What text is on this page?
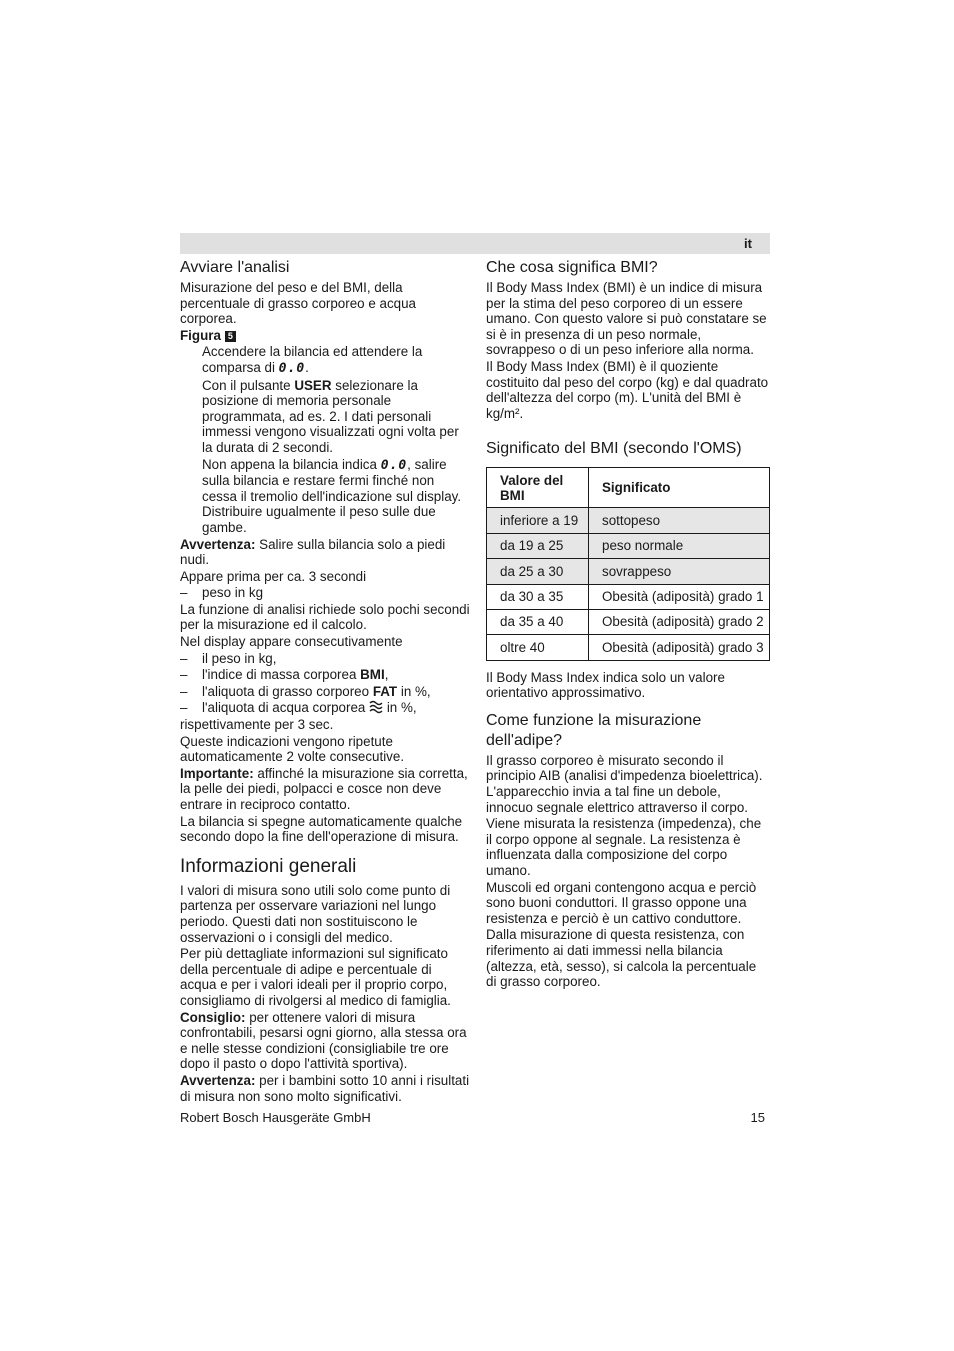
it
Avviare l'analisi

Misurazione del peso e del BMI, della percentuale di grasso corporeo e acqua corporea.

Figura 5

Accendere la bilancia ed attendere la comparsa di 0.0.

Con il pulsante USER selezionare la posizione di memoria personale programmata, ad es. 2. I dati personali immessi vengono visualizzati ogni volta per la durata di 2 secondi.

Non appena la bilancia indica 0.0, salire sulla bilancia e restare fermi finché non cessa il tremolio dell'indicazione sul display. Distribuire ugualmente il peso sulle due gambe.

Avvertenza: Salire sulla bilancia solo a piedi nudi.

Appare prima per ca. 3 secondi

– peso in kg

La funzione di analisi richiede solo pochi secondi per la misurazione ed il calcolo.

Nel display appare consecutivamente

– il peso in kg,

– l'indice di massa corporea BMI,

– l'aliquota di grasso corporeo FAT in %,

– l'aliquota di acqua corporea in %,

rispettivamente per 3 sec.

Queste indicazioni vengono ripetute automaticamente 2 volte consecutive.

Importante: affinché la misurazione sia corretta, la pelle dei piedi, polpacci e cosce non deve entrare in reciproco contatto.

La bilancia si spegne automaticamente qualche secondo dopo la fine dell'operazione di misura.

Informazioni generali

I valori di misura sono utili solo come punto di partenza per osservare variazioni nel lungo periodo. Questi dati non sostituiscono le osservazioni o i consigli del medico.

Per più dettagliate informazioni sul significato della percentuale di adipe e percentuale di acqua e per i valori ideali per il proprio corpo, consigliamo di rivolgersi al medico di famiglia.

Consiglio: per ottenere valori di misura confrontabili, pesarsi ogni giorno, alla stessa ora e nelle stesse condizioni (consigliabile tre ore dopo il pasto o dopo l'attività sportiva).

Avvertenza: per i bambini sotto 10 anni i risultati di misura non sono molto significativi.

Che cosa significa BMI?

Il Body Mass Index (BMI) è un indice di misura per la stima del peso corporeo di un essere umano. Con questo valore si può constatare se si è in presenza di un peso normale, sovrappeso o di un peso inferiore alla norma.

Il Body Mass Index (BMI) è il quoziente costituito dal peso del corpo (kg) e dal quadrato dell'altezza del corpo (m). L'unità del BMI è kg/m².

Significato del BMI (secondo l'OMS)
Valore del BMI	Significato
inferiore a 19	sottopeso
da 19 a 25	peso normale
da 25 a 30	sovrappeso
da 30 a 35	Obesità (adiposità) grado 1
da 35 a 40	Obesità (adiposità) grado 2
oltre 40	Obesità (adiposità) grado 3

Il Body Mass Index indica solo un valore orientativo approssimativo.

Come funzione la misurazione dell'adipe?

Il grasso corporeo è misurato secondo il principio AIB (analisi d'impedenza bioelettrica). L'apparecchio invia a tal fine un debole, innocuo segnale elettrico attraverso il corpo.

Viene misurata la resistenza (impedenza), che il corpo oppone al segnale. La resistenza è influenzata dalla composizione del corpo umano.

Muscoli ed organi contengono acqua e perciò sono buoni conduttori. Il grasso oppone una resistenza e perciò è un cattivo conduttore.

Dalla misurazione di questa resistenza, con riferimento ai dati immessi nella bilancia (altezza, età, sesso), si calcola la percentuale di grasso corporeo.

Robert Bosch Hausgeräte GmbH	15
